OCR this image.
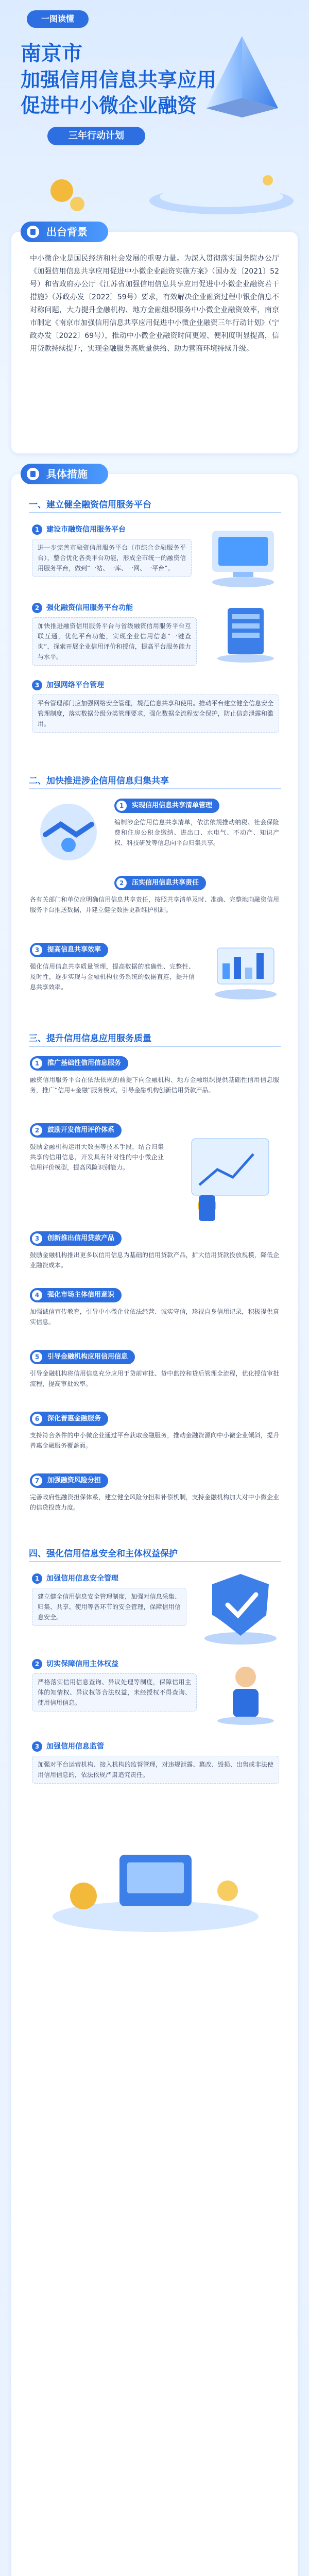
一图读懂
南京市
加强信用信息共享应用
促进中小微企业融资
三年行动计划
出台背景
中小微企业是国民经济和社会发展的重要力量。为深入贯彻落实国务院办公厅《加强信用信息共享应用促进中小微企业融资实施方案》（国办发〔2021〕52号）和省政府办公厅《江苏省加强信用信息共享应用促进中小微企业融资若干措施》（苏政办发〔2022〕59号）要求，有效解决企业融资过程中银企信息不对称问题，大力提升金融机构、地方金融组织服务中小微企业融资效率，南京市制定《南京市加强信用信息共享应用促进中小微企业融资三年行动计划》（宁政办发〔2022〕69号），推动中小微企业融资时间更短、便利度明显提高，信用贷款持续提升，实现金融服务高质量供给、助力营商环境持续升级。
具体措施
一、建立健全融资信用服务平台
1 建设市融资信用服务平台
进一步完善市融资信用服务平台（市综合金融服务平台），整合优化各类平台功能，形成全市统一的融资信用服务平台，做到“一站、一库、一网、一平台”。
2 强化融资信用服务平台功能
加快推进融资信用服务平台与省级融资信用服务平台互联互通，优化平台功能，实现企业信用信息“一键查询”，探索开展企业信用评价和授信，提高平台服务能力与水平。
3 加强网络平台管理
平台管理部门应加强网络安全管理，规范信息共享和使用。推动平台建立健全信息安全管理制度，落实数据分级分类管理要求，强化数据全流程安全保护，防止信息泄露和滥用。
二、加快推进涉企信用信息归集共享
1	实现信用信息共享清单管理
编制涉企信用信息共享清单，依法依规推动纳税、社会保险费和住房公积金缴纳、进出口、水电气、不动产、知识产权、科技研发等信息向平台归集共享。
2	压实信用信息共享责任
各有关部门和单位应明确信用信息共享责任，按照共享清单及时、准确、完整地向融资信用服务平台推送数据，并建立健全数据更新维护机制。
3	提高信息共享效率
强化信用信息共享质量管理，提高数据的准确性、完整性、及时性，逐步实现与金融机构业务系统的数据直连，提升信息共享效率。
三、提升信用信息应用服务质量
1	推广基础性信用信息服务
融资信用服务平台在依法依规的前提下向金融机构、地方金融组织提供基础性信用信息服务，推广“信用+金融”服务模式，引导金融机构创新信用贷款产品。
2	鼓励开发信用评价体系
鼓励金融机构运用大数据等技术手段，结合归集共享的信用信息，开发具有针对性的中小微企业信用评价模型，提高风险识别能力。
3	创新推出信用贷款产品
鼓励金融机构推出更多以信用信息为基础的信用贷款产品，扩大信用贷款投放规模，降低企业融资成本。
4	强化市场主体信用意识
加强诚信宣传教育，引导中小微企业依法经营、诚实守信，珍视自身信用记录，积极提供真实信息。
5	引导金融机构应用信用信息
引导金融机构将信用信息充分应用于贷前审批、贷中监控和贷后管理全流程，优化授信审批流程，提高审批效率。
6	深化普惠金融服务
支持符合条件的中小微企业通过平台获取金融服务，推动金融资源向中小微企业倾斜，提升普惠金融服务覆盖面。
7	加强融资风险分担
完善政府性融资担保体系，建立健全风险分担和补偿机制，支持金融机构加大对中小微企业的信贷投放力度。
四、强化信用信息安全和主体权益保护
1 加强信用信息安全管理
建立健全信用信息安全管理制度，加强对信息采集、归集、共享、使用等各环节的安全管理，保障信用信息安全。
2 切实保障信用主体权益
严格落实信用信息查询、异议处理等制度，保障信用主体的知情权、异议权等合法权益，未经授权不得查询、使用信用信息。
3 加强信用信息监管
加强对平台运营机构、接入机构的监督管理，对违规泄露、篡改、毁损、出售或非法使用信用信息的，依法依规严肃追究责任。
